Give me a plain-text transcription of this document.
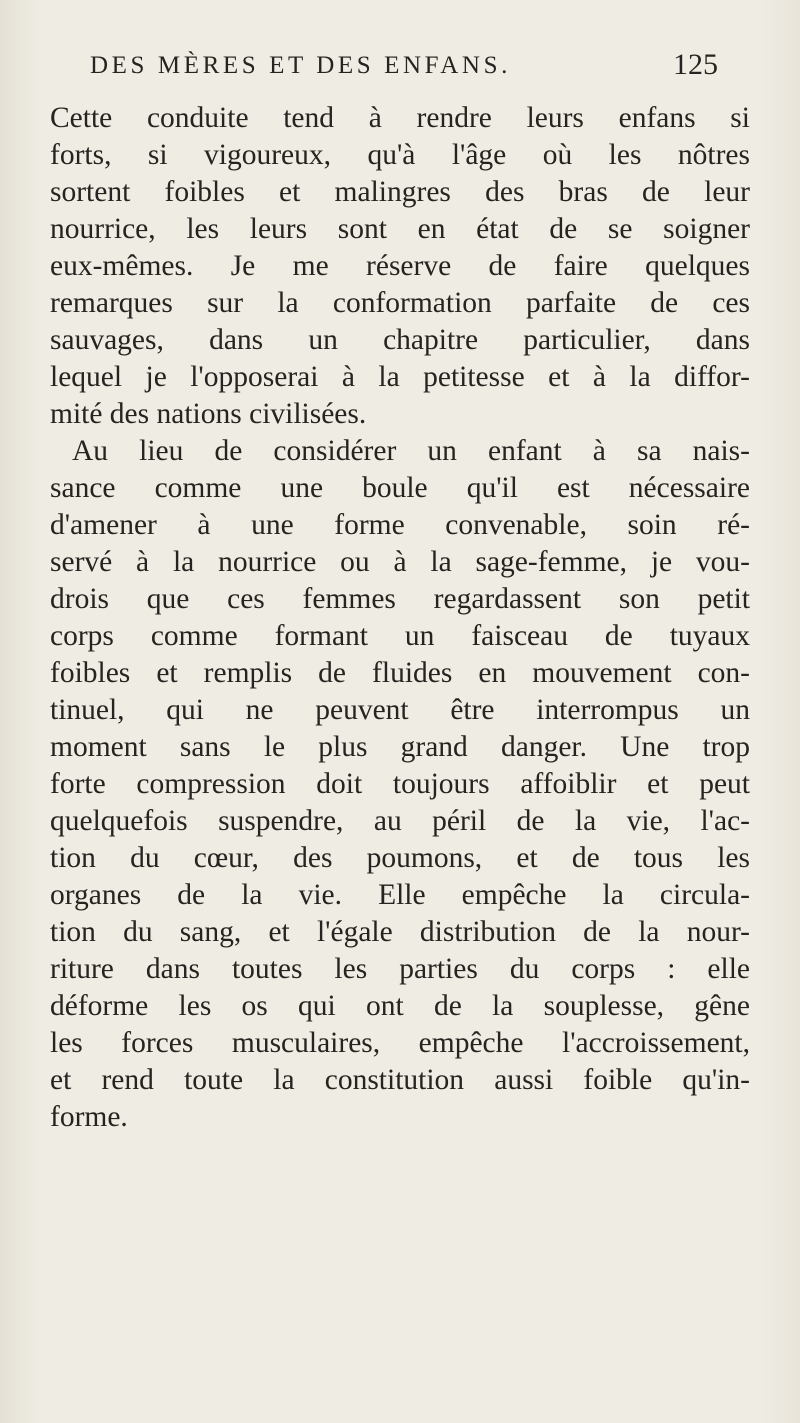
DES MÈRES ET DES ENFANS.	125
Cette conduite tend à rendre leurs enfans si
forts, si vigoureux, qu'à l'âge où les nôtres
sortent foibles et malingres des bras de leur
nourrice, les leurs sont en état de se soigner
eux-mêmes. Je me réserve de faire quelques
remarques sur la conformation parfaite de ces
sauvages, dans un chapitre particulier, dans
lequel je l'opposerai à la petitesse et à la diffor-
mité des nations civilisées.
Au lieu de considérer un enfant à sa nais-
sance comme une boule qu'il est nécessaire
d'amener à une forme convenable, soin ré-
servé à la nourrice ou à la sage-femme, je vou-
drois que ces femmes regardassent son petit
corps comme formant un faisceau de tuyaux
foibles et remplis de fluides en mouvement con-
tinuel, qui ne peuvent être interrompus un
moment sans le plus grand danger. Une trop
forte compression doit toujours affoiblir et peut
quelquefois suspendre, au péril de la vie, l'ac-
tion du cœur, des poumons, et de tous les
organes de la vie. Elle empêche la circula-
tion du sang, et l'égale distribution de la nour-
riture dans toutes les parties du corps : elle
déforme les os qui ont de la souplesse, gêne
les forces musculaires, empêche l'accroissement,
et rend toute la constitution aussi foible qu'in-
forme.
